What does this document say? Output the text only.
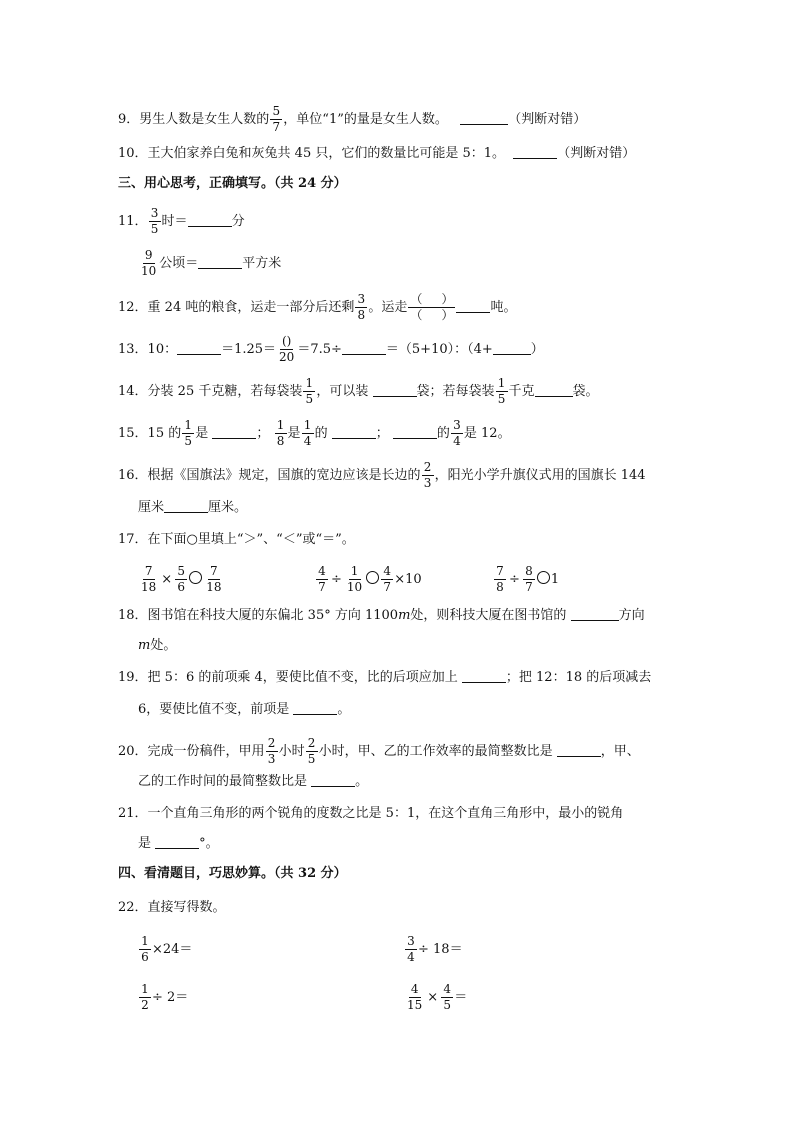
9．男生人数是女生人数的 $\frac{5}{7}$ ，单位“1”的量是女生人数。	（判断对错）
10．王大伯家养白兔和灰兔共 45 只，它们的数量比可能是 5：1。	（判断对错）
三、用心思考，正确填写。（共 24 分）
11． $\frac{3}{5}$ 时＝	分
$\frac{9}{10}$ 公顷＝	平方米
12．重 24 吨的粮食，运走一部分后还剩 $\frac{3}{8}$ 。运走
（ ）
（ ）	吨。
13．10：	＝1.25＝
()
20 ＝7.5÷	＝（5+10）：（4+	）
14．分装 25 千克糖，若每袋装 $\frac{1}{5}$ ，可以装	袋；若每袋装 $\frac{1}{5}$ 千克	袋。
15．15 的 $\frac{1}{5}$ 是	； $\frac{1}{8}$ 是 $\frac{1}{4}$ 的	；	的 $\frac{3}{4}$ 是 12。
16．根据《国旗法》规定，国旗的宽边应该是长边的 $\frac{2}{3}$ ，阳光小学升旗仪式用的国旗长 144
厘米	厘米。
17．在下面○里填上“＞”、“＜”或“＝”。
$\frac{7}{18} \times \frac{5}{6} \frac{7}{18}$	$\frac{4}{7} \div \frac{1}{10} \frac{4}{7} \times 10$	$\frac{7}{8} \div \frac{8}{7} 1$
18．图书馆在科技大厦的东偏北 35° 方向 1100m处，则科技大厦在图书馆的	方向
m处。
19．把 5：6 的前项乘 4，要使比值不变，比的后项应加上	；把 12：18 的后项减去
6，要使比值不变，前项是	。
20．完成一份稿件，甲用 $\frac{2}{3}$ 小时 $\frac{2}{5}$ 小时，甲、乙的工作效率的最简整数比是	，甲、
乙的工作时间的最简整数比是	。
21．一个直角三角形的两个锐角的度数之比是 5：1，在这个直角三角形中，最小的锐角
是	°。
四、看清题目，巧思妙算。（共 32 分）
22．直接写得数。
$\frac{1}{6} \times 24=$	$\frac{3}{4} \div 18=$
$\frac{1}{2} \div 2=$	$\frac{4}{15} \times \frac{4}{5}$ ＝
